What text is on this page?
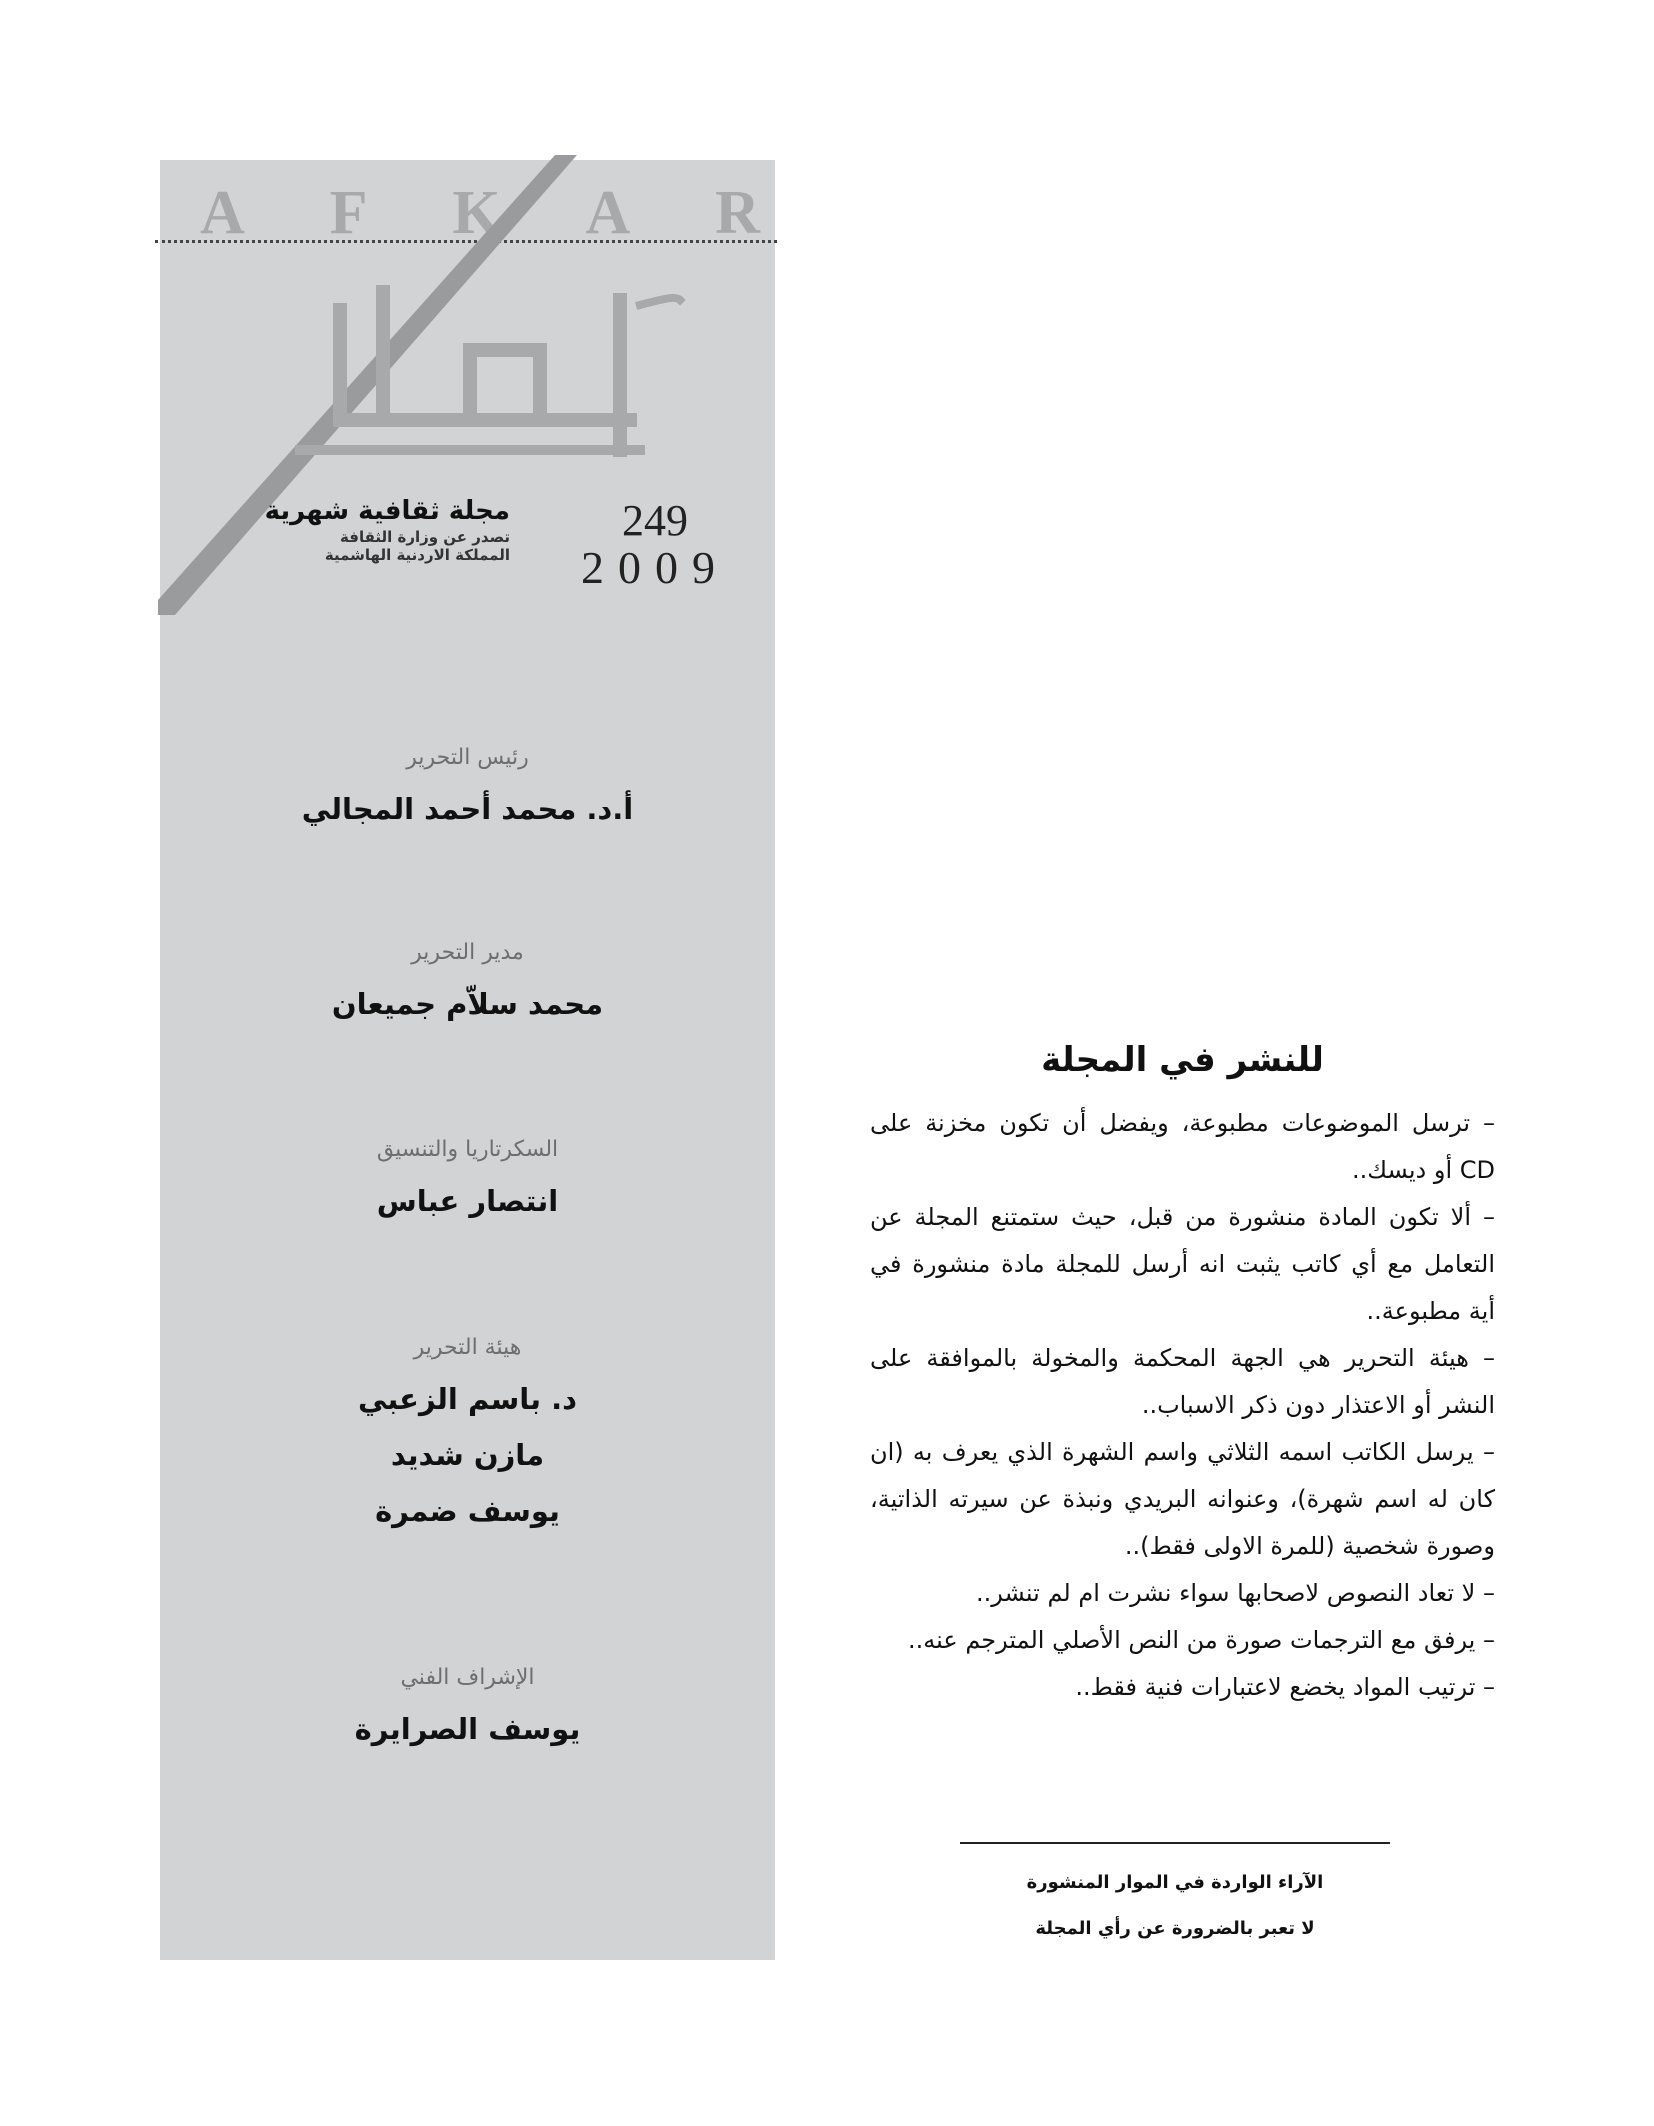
A F K A R
مجلة ثقافية شهرية
تصدر عن وزارة الثقافة
المملكة الاردنية الهاشمية
249
2009
رئيس التحرير
أ.د. محمد أحمد المجالي
مدير التحرير
محمد سلاّم جميعان
السكرتاريا والتنسيق
انتصار عباس
هيئة التحرير
د. باسم الزعبي
مازن شديد
يوسف ضمرة
الإشراف الفني
يوسف الصرايرة
للنشر في المجلة

– ترسل الموضوعات مطبوعة، ويفضل أن تكون مخزنة على CD أو ديسك..

– ألا تكون المادة منشورة من قبل، حيث ستمتنع المجلة عن التعامل مع أي كاتب يثبت انه أرسل للمجلة مادة منشورة في أية مطبوعة..

– هيئة التحرير هي الجهة المحكمة والمخولة بالموافقة على النشر أو الاعتذار دون ذكر الاسباب..

– يرسل الكاتب اسمه الثلاثي واسم الشهرة الذي يعرف به (ان كان له اسم شهرة)، وعنوانه البريدي ونبذة عن سيرته الذاتية، وصورة شخصية (للمرة الاولى فقط)..

– لا تعاد النصوص لاصحابها سواء نشرت ام لم تنشر..

– يرفق مع الترجمات صورة من النص الأصلي المترجم عنه..

– ترتيب المواد يخضع لاعتبارات فنية فقط..

الآراء الواردة في الموار المنشورة
لا تعبر بالضرورة عن رأي المجلة
